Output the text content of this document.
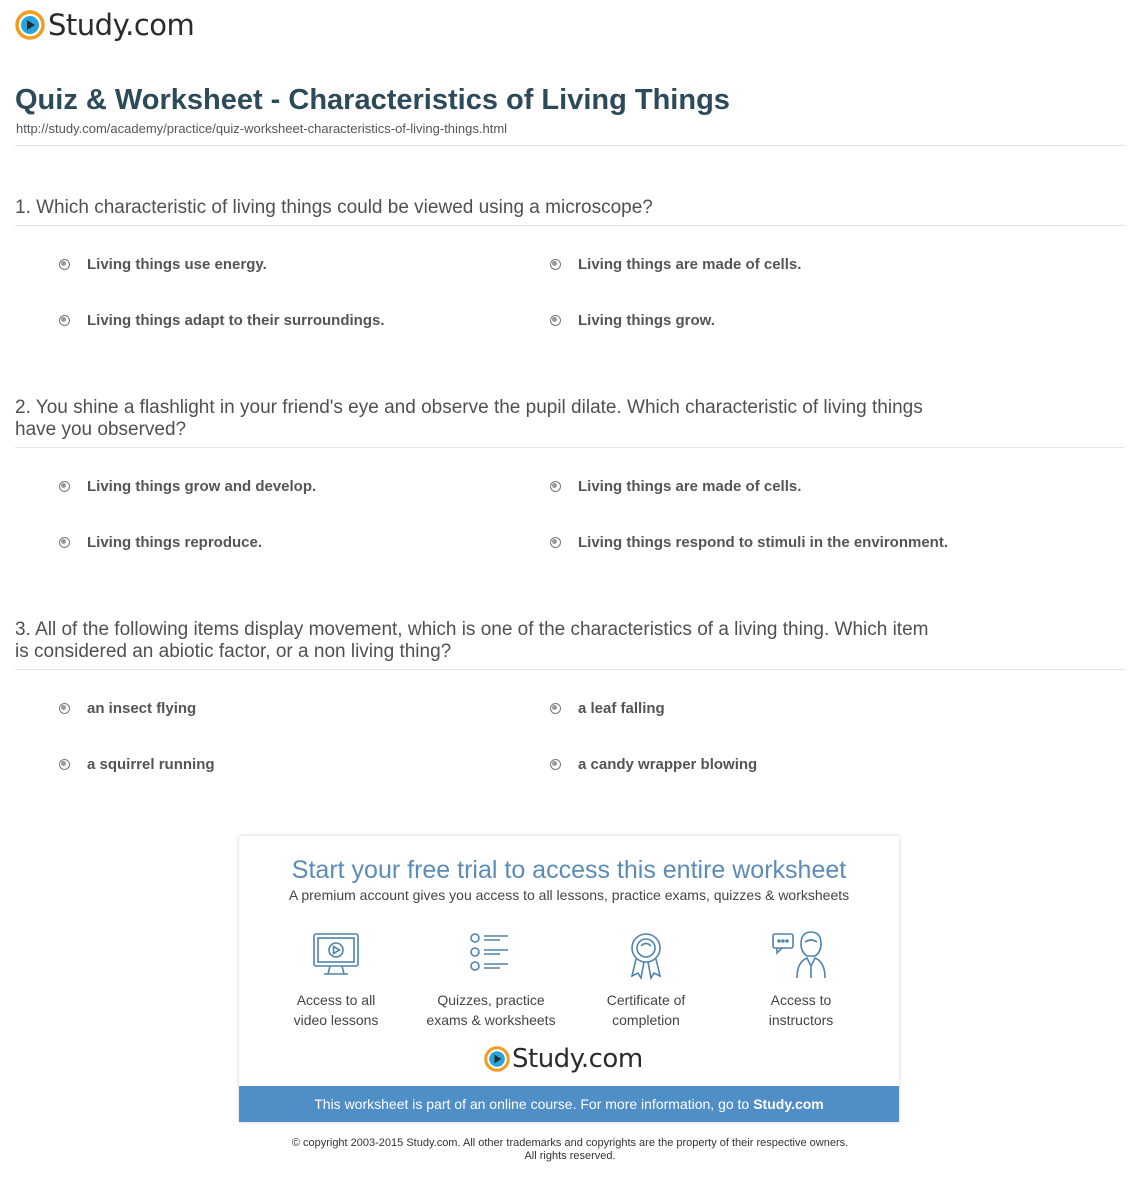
Study.com
Quiz & Worksheet - Characteristics of Living Things
http://study.com/academy/practice/quiz-worksheet-characteristics-of-living-things.html
1. Which characteristic of living things could be viewed using a microscope?
Living things use energy.	Living things are made of cells.
Living things adapt to their surroundings.	Living things grow.
2. You shine a flashlight in your friend's eye and observe the pupil dilate. Which characteristic of living things have you observed?
Living things grow and develop.	Living things are made of cells.
Living things reproduce.	Living things respond to stimuli in the environment.
3. All of the following items display movement, which is one of the characteristics of a living thing. Which item is considered an abiotic factor, or a non living thing?
an insect flying	a leaf falling
a squirrel running	a candy wrapper blowing
Start your free trial to access this entire worksheet
A premium account gives you access to all lessons, practice exams, quizzes & worksheets
Access to all
video lessons
Quizzes, practice
exams & worksheets
Certificate of
completion
Access to
instructors
Study.com
This worksheet is part of an online course. For more information, go to Study.com
© copyright 2003-2015 Study.com. All other trademarks and copyrights are the property of their respective owners.
All rights reserved.
